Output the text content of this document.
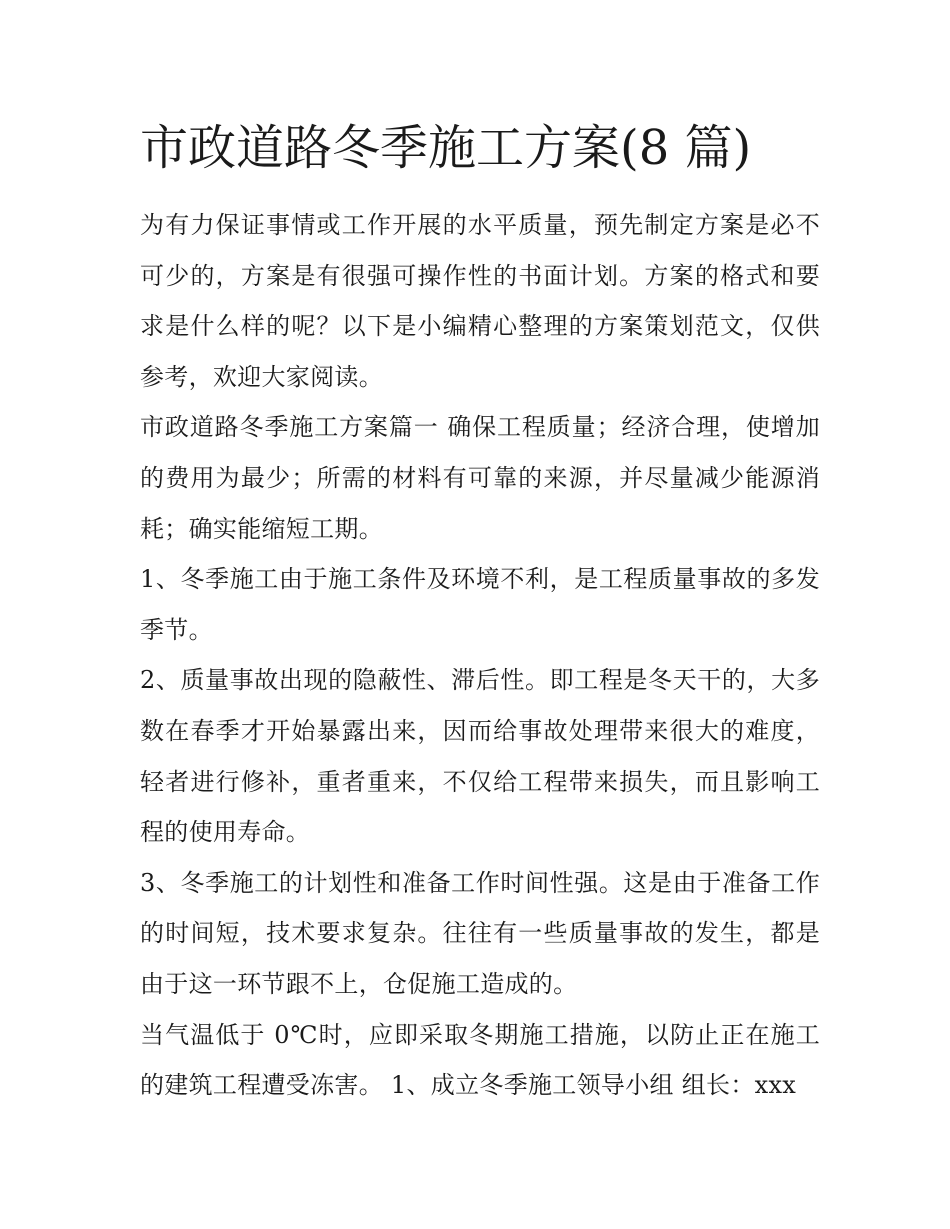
市政道路冬季施工方案(8 篇)

为有力保证事情或工作开展的水平质量，预先制定方案是必不可少的，方案是有很强可操作性的书面计划。方案的格式和要求是什么样的呢？以下是小编精心整理的方案策划范文，仅供参考，欢迎大家阅读。

市政道路冬季施工方案篇一 确保工程质量；经济合理，使增加的费用为最少；所需的材料有可靠的来源，并尽量减少能源消耗；确实能缩短工期。

1、冬季施工由于施工条件及环境不利，是工程质量事故的多发季节。

2、质量事故出现的隐蔽性、滞后性。即工程是冬天干的，大多数在春季才开始暴露出来，因而给事故处理带来很大的难度，轻者进行修补，重者重来，不仅给工程带来损失，而且影响工程的使用寿命。

3、冬季施工的计划性和准备工作时间性强。这是由于准备工作的时间短，技术要求复杂。往往有一些质量事故的发生，都是由于这一环节跟不上，仓促施工造成的。

当气温低于 0℃时，应即采取冬期施工措施，以防止正在施工的建筑工程遭受冻害。 1、成立冬季施工领导小组 组长：xxx
